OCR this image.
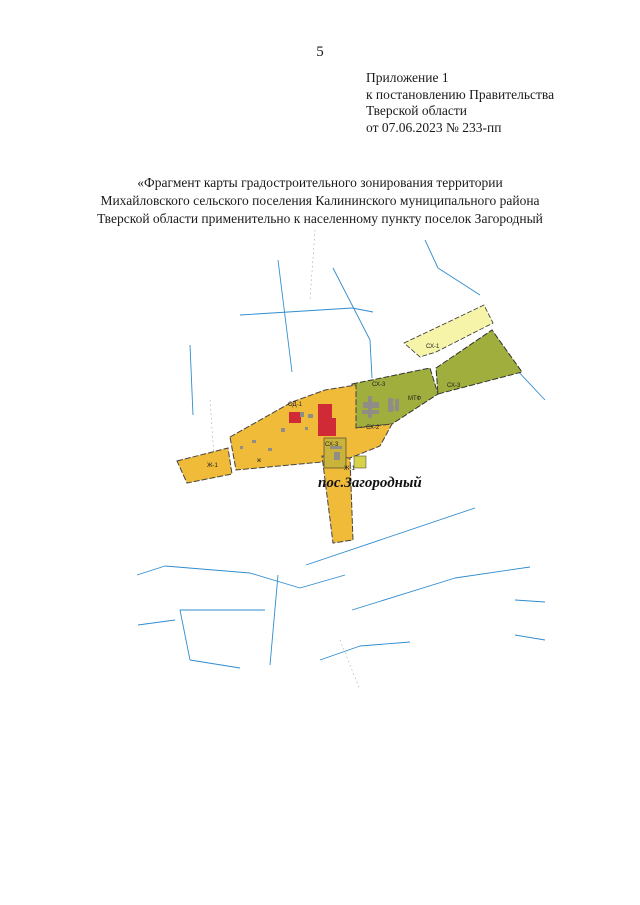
5
Приложение 1
к постановлению Правительства
Тверской области
от 07.06.2023 № 233-пп
«Фрагмент карты градостроительного зонирования территории
Михайловского сельского поселения Калининского муниципального района
Тверской области применительно к населенному пункту поселок Загородный
СХ-1
СХ-3	СХ-3
МТФ
ОД-1
СХ-2
СХ-3
Ж-1
ж
Ж-1
пос.Загородный
